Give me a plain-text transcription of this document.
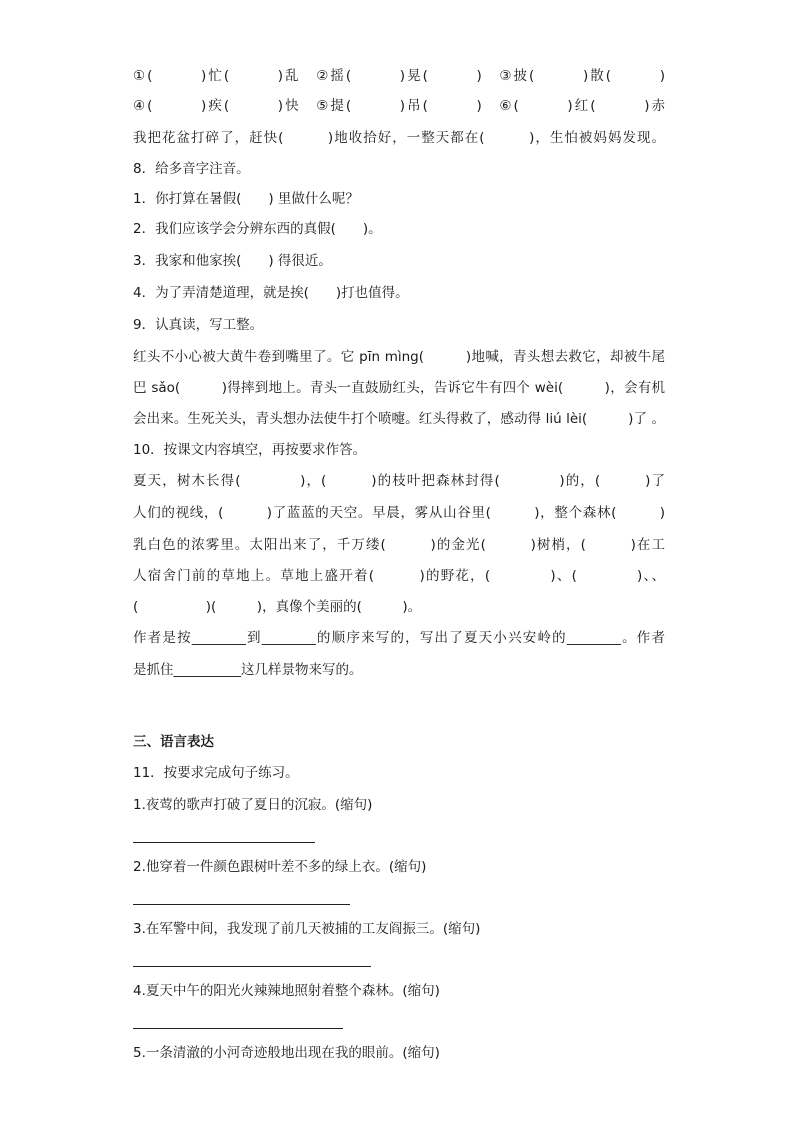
①(　　　)忙(　　　)乱　②摇(　　　)晃(　　　)　③披(　　　)散(　　　)
④(　　　)疾(　　　)快　⑤提(　　　)吊(　　　)　⑥(　　　)红(　　　)赤
我把花盆打碎了，赶快(　　　)地收拾好，一整天都在(　　　)，生怕被妈妈发现。
8．给多音字注音。
1．你打算在暑假(　　) 里做什么呢？
2．我们应该学会分辨东西的真假(　　)。
3．我家和他家挨(　　) 得很近。
4．为了弄清楚道理，就是挨(　　)打也值得。
9．认真读，写工整。
红头不小心被大黄牛卷到嘴里了。它 pīn mìng(　　　)地喊，青头想去救它，却被牛尾
巴 sǎo(　　　)得摔到地上。青头一直鼓励红头，告诉它牛有四个 wèi(　　　)，会有机
会出来。生死关头，青头想办法使牛打个喷嚏。红头得救了，感动得 liú lèi(　　　)了 。
10．按课文内容填空，再按要求作答。
夏天，树木长得(　　　　)，(　　　)的枝叶把森林封得(　　　　)的，(　　　)了
人们的视线，(　　　)了蓝蓝的天空。早晨，雾从山谷里(　　　)，整个森林(　　　)
乳白色的浓雾里。太阳出来了，千万缕(　　　)的金光(　　　)树梢，(　　　)在工
人宿舍门前的草地上。草地上盛开着(　　　)的野花，(　　　　)、(　　　　)、、
(　　　　　)(　　　)，真像个美丽的(　　　)。
作者是按________到________的顺序来写的，写出了夏天小兴安岭的________。作者
是抓住__________这几样景物来写的。
三、语言表达
11．按要求完成句子练习。
1.夜莺的歌声打破了夏日的沉寂。(缩句)
2.他穿着一件颜色跟树叶差不多的绿上衣。(缩句)
3.在军警中间，我发现了前几天被捕的工友阎振三。(缩句)
4.夏天中午的阳光火辣辣地照射着整个森林。(缩句)
5.一条清澈的小河奇迹般地出现在我的眼前。(缩句)
